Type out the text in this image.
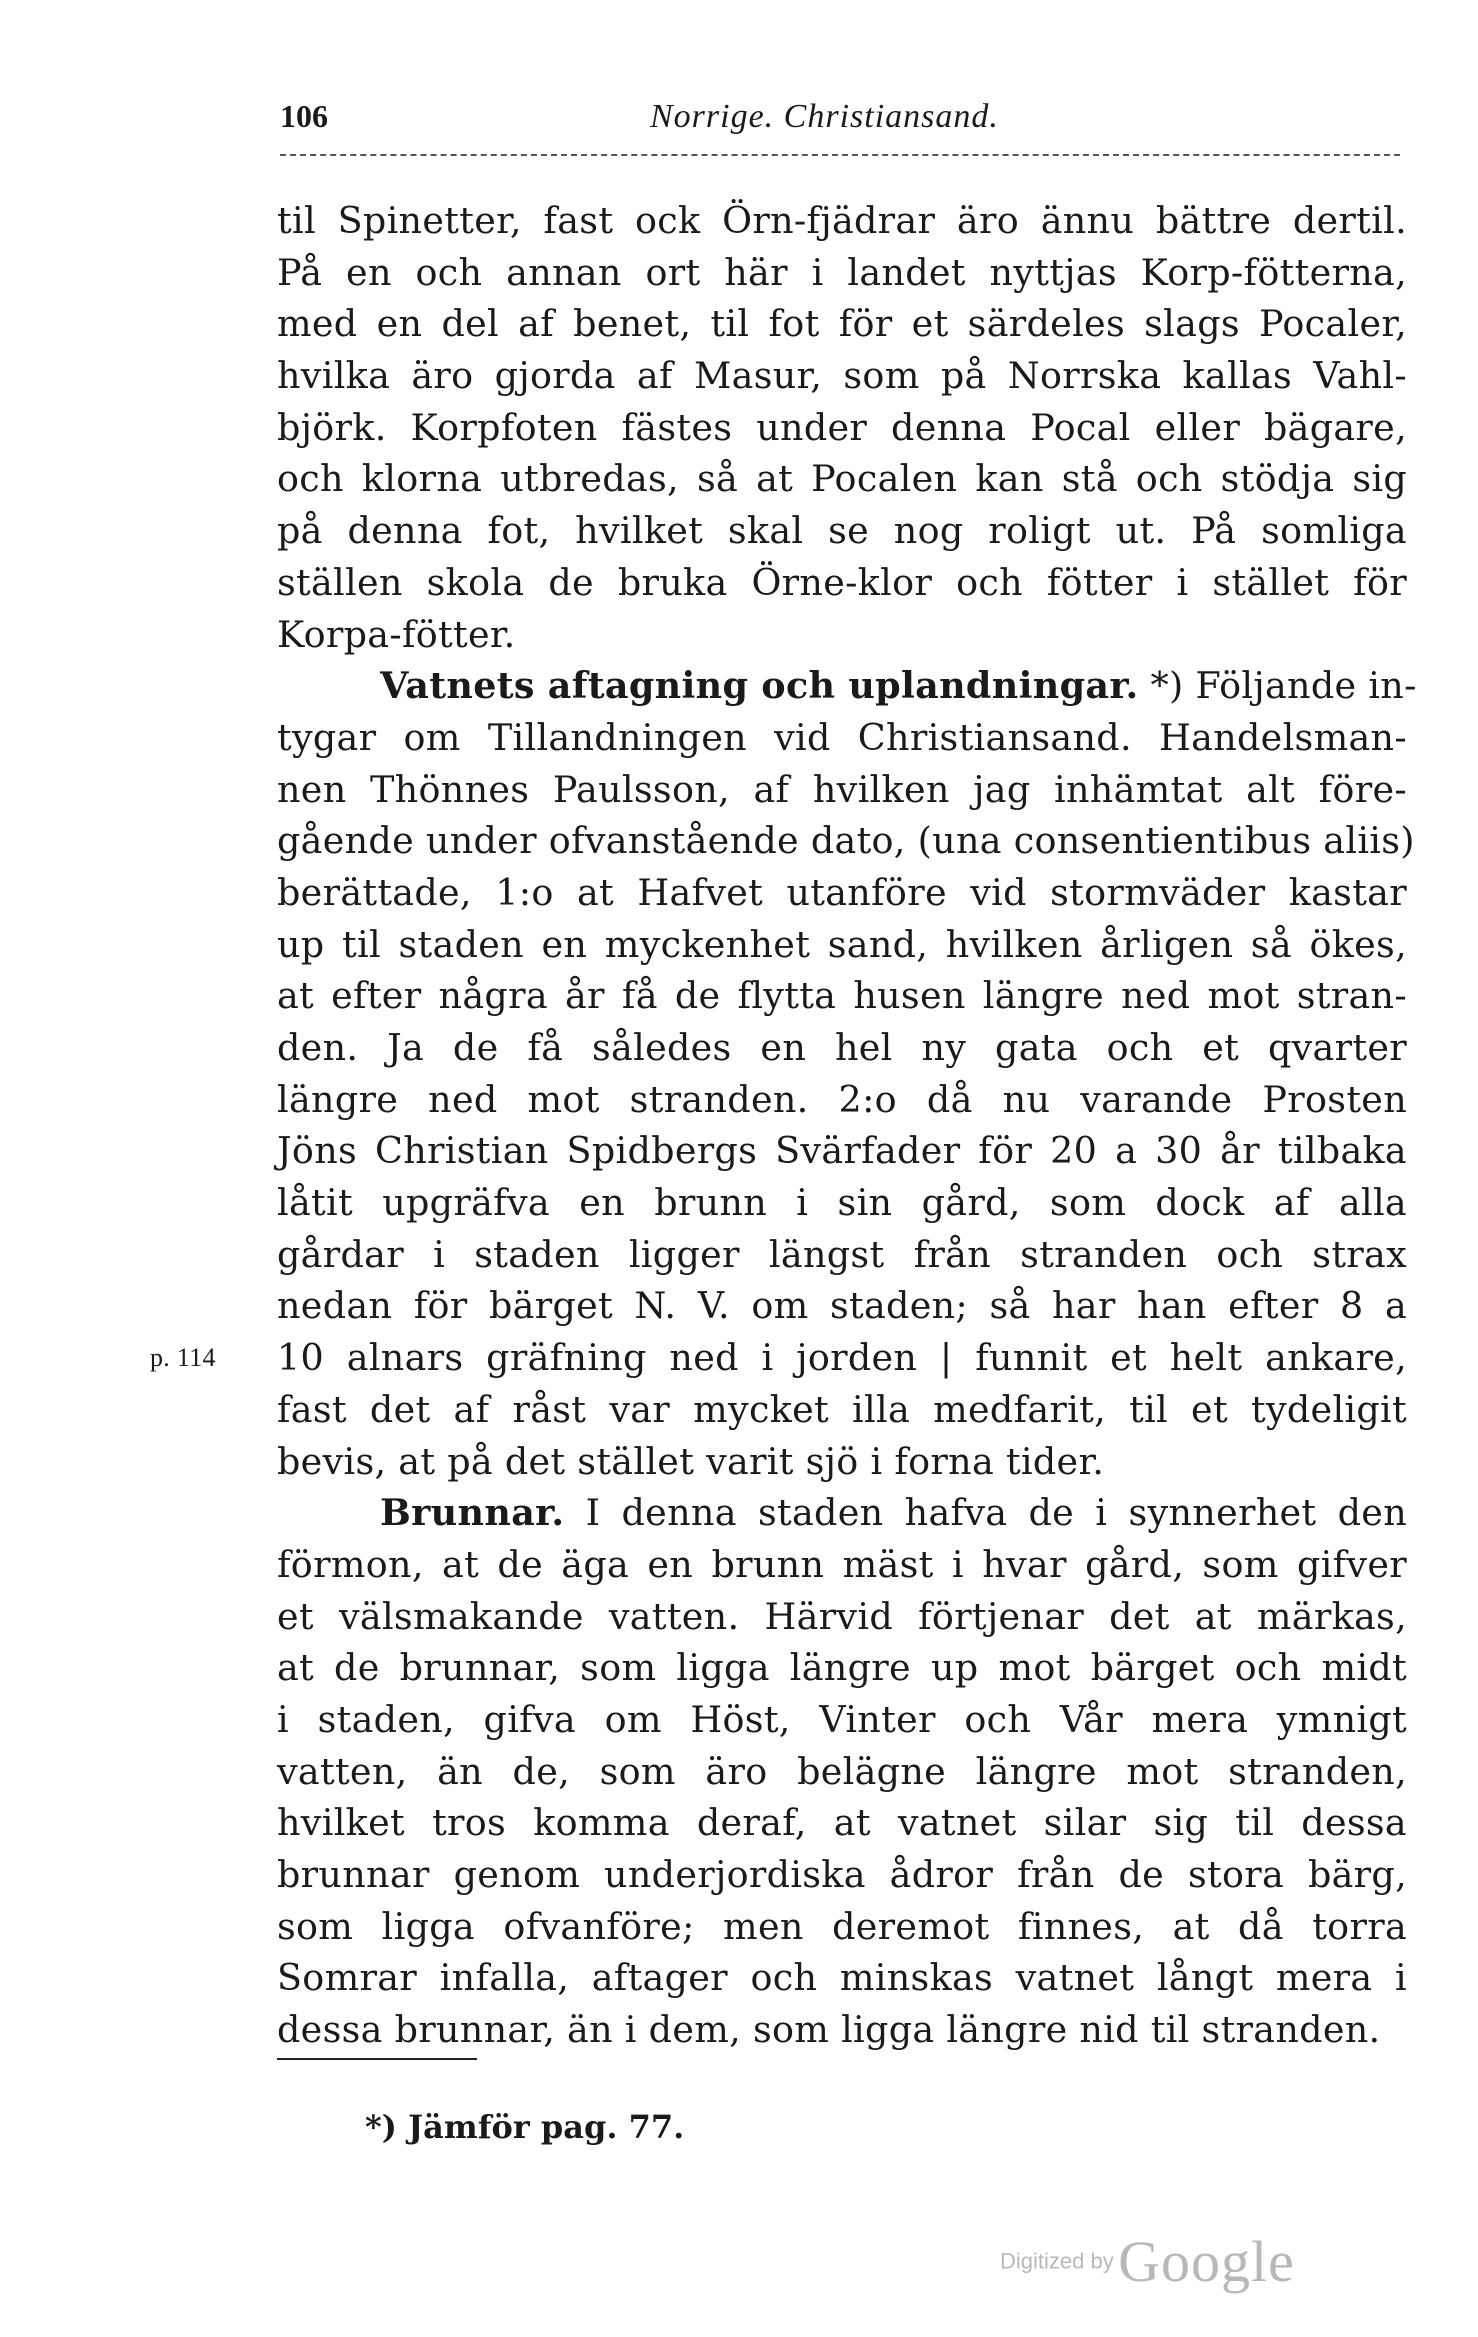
106	Norrige. Christiansand.
til Spinetter, fast ock Örn-fjädrar äro ännu bättre dertil.
På en och annan ort här i landet nyttjas Korp-fötterna,
med en del af benet, til fot för et särdeles slags Pocaler,
hvilka äro gjorda af Masur, som på Norrska kallas Vahl-
björk. Korpfoten fästes under denna Pocal eller bägare,
och klorna utbredas, så at Pocalen kan stå och stödja sig
på denna fot, hvilket skal se nog roligt ut. På somliga
ställen skola de bruka Örne-klor och fötter i stället för
Korpa-fötter.
Vatnets aftagning och uplandningar. *) Följande in-
tygar om Tillandningen vid Christiansand. Handelsman-
nen Thönnes Paulsson, af hvilken jag inhämtat alt före-
gående under ofvanstående dato, (una consentientibus aliis)
berättade, 1:o at Hafvet utanföre vid stormväder kastar
up til staden en myckenhet sand, hvilken årligen så ökes,
at efter några år få de flytta husen längre ned mot stran-
den. Ja de få således en hel ny gata och et qvarter
längre ned mot stranden. 2:o då nu varande Prosten
Jöns Christian Spidbergs Svärfader för 20 a 30 år tilbaka
låtit upgräfva en brunn i sin gård, som dock af alla
gårdar i staden ligger längst från stranden och strax
nedan för bärget N. V. om staden; så har han efter 8 a
p. 114 10 alnars gräfning ned i jorden | funnit et helt ankare,
fast det af råst var mycket illa medfarit, til et tydeligit
bevis, at på det stället varit sjö i forna tider.
Brunnar. I denna staden hafva de i synnerhet den
förmon, at de äga en brunn mäst i hvar gård, som gifver
et välsmakande vatten. Härvid förtjenar det at märkas,
at de brunnar, som ligga längre up mot bärget och midt
i staden, gifva om Höst, Vinter och Vår mera ymnigt
vatten, än de, som äro belägne längre mot stranden,
hvilket tros komma deraf, at vatnet silar sig til dessa
brunnar genom underjordiska ådror från de stora bärg,
som ligga ofvanföre; men deremot finnes, at då torra
Somrar infalla, aftager och minskas vatnet långt mera i
dessa brunnar, än i dem, som ligga längre nid til stranden.
*) Jämför pag. 77.
Digitized by Google
